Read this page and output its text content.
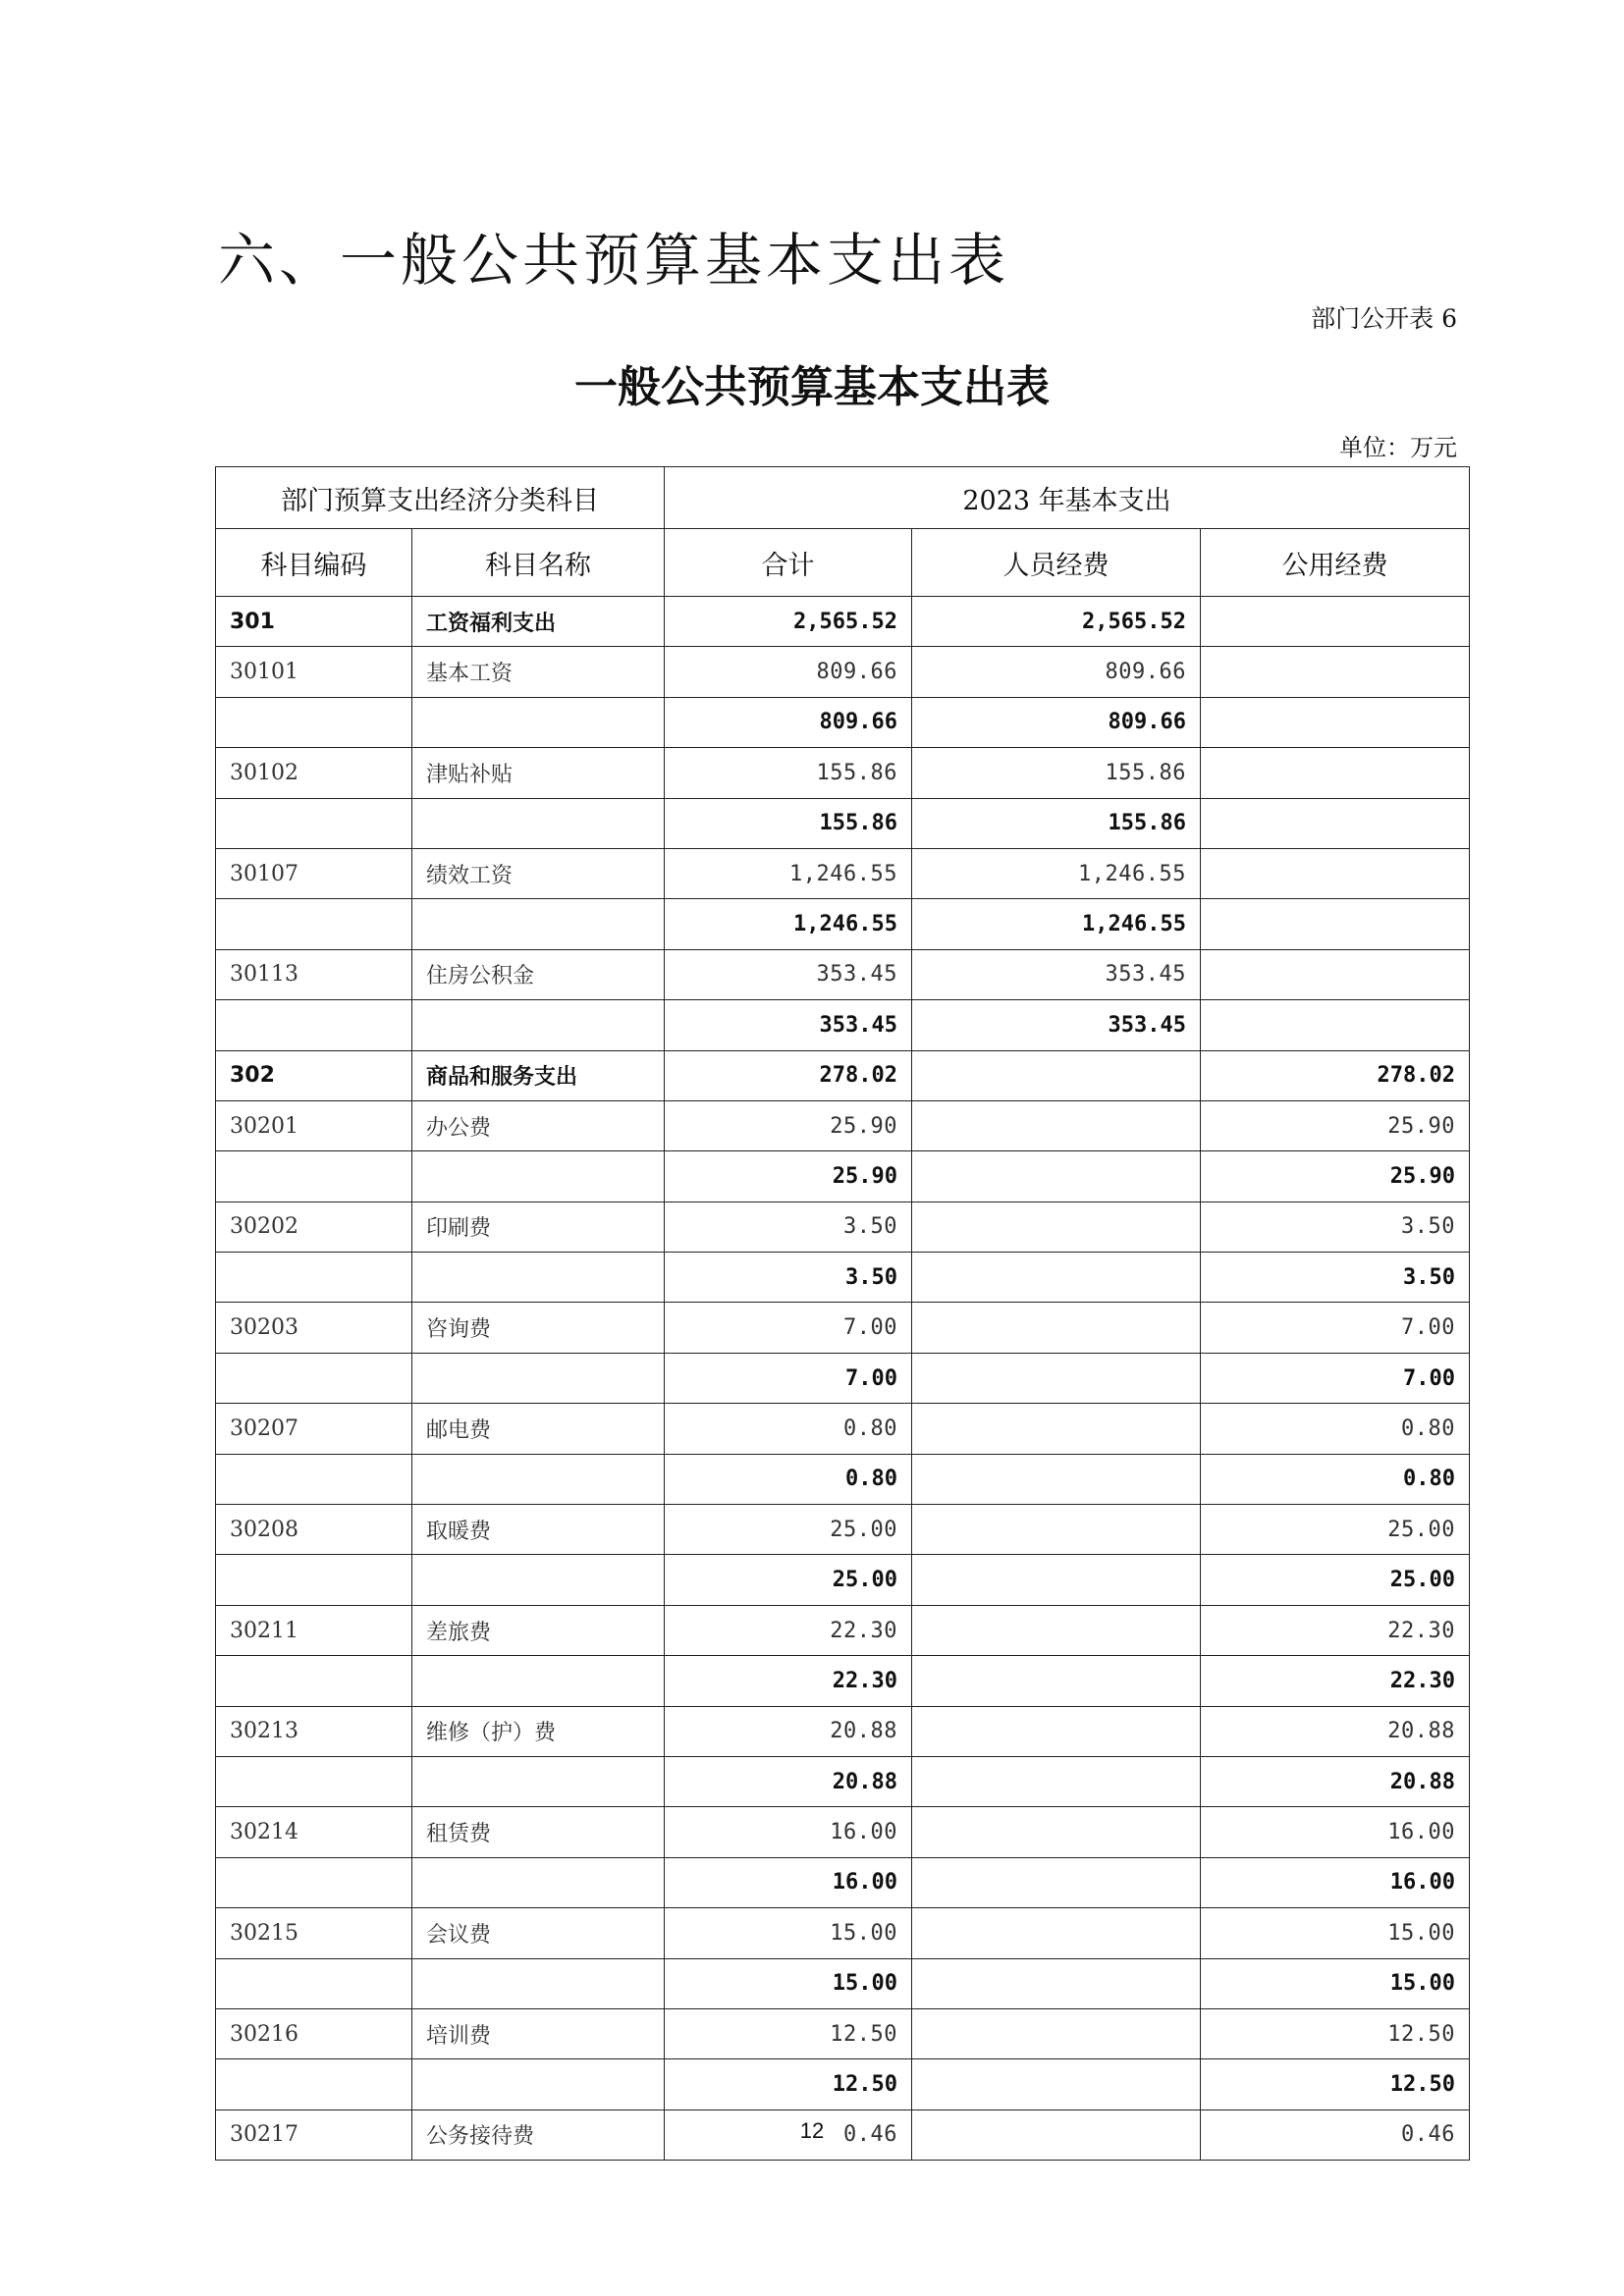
六、一般公共预算基本支出表
部门公开表 6
一般公共预算基本支出表
单位：万元
部门预算支出经济分类科目		2023 年基本支出		
科目编码	科目名称	合计	人员经费	公用经费
301	工资福利支出	2,565.52	2,565.52	
30101	基本工资	809.66	809.66	
		809.66	809.66	
30102	津贴补贴	155.86	155.86	
		155.86	155.86	
30107	绩效工资	1,246.55	1,246.55	
		1,246.55	1,246.55	
30113	住房公积金	353.45	353.45	
		353.45	353.45	
302	商品和服务支出	278.02		278.02
30201	办公费	25.90		25.90
		25.90		25.90
30202	印刷费	3.50		3.50
		3.50		3.50
30203	咨询费	7.00		7.00
		7.00		7.00
30207	邮电费	0.80		0.80
		0.80		0.80
30208	取暖费	25.00		25.00
		25.00		25.00
30211	差旅费	22.30		22.30
		22.30		22.30
30213	维修（护）费	20.88		20.88
		20.88		20.88
30214	租赁费	16.00		16.00
		16.00		16.00
30215	会议费	15.00		15.00
		15.00		15.00
30216	培训费	12.50		12.50
		12.50		12.50
30217	公务接待费	0.46		0.46
12
